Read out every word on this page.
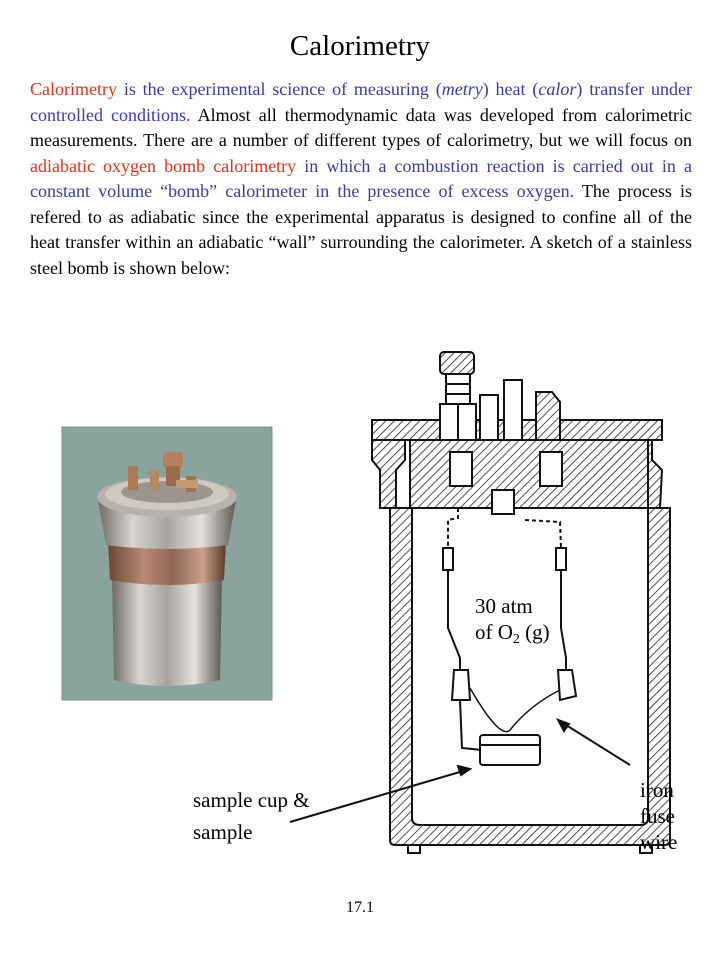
Calorimetry
Calorimetry is the experimental science of measuring (metry) heat (calor) transfer under controlled conditions. Almost all thermodynamic data was developed from calorimetric measurements. There are a number of different types of calorimetry, but we will focus on adiabatic oxygen bomb calorimetry in which a combustion reaction is carried out in a constant volume “bomb” calorimeter in the presence of excess oxygen. The process is refered to as adiabatic since the experimental apparatus is designed to confine all of the heat transfer within an adiabatic “wall” surrounding the calorimeter. A sketch of a stainless steel bomb is shown below:
30 atm
of O2 (g)
sample cup &
sample
iron
fuse
wire
17.1
